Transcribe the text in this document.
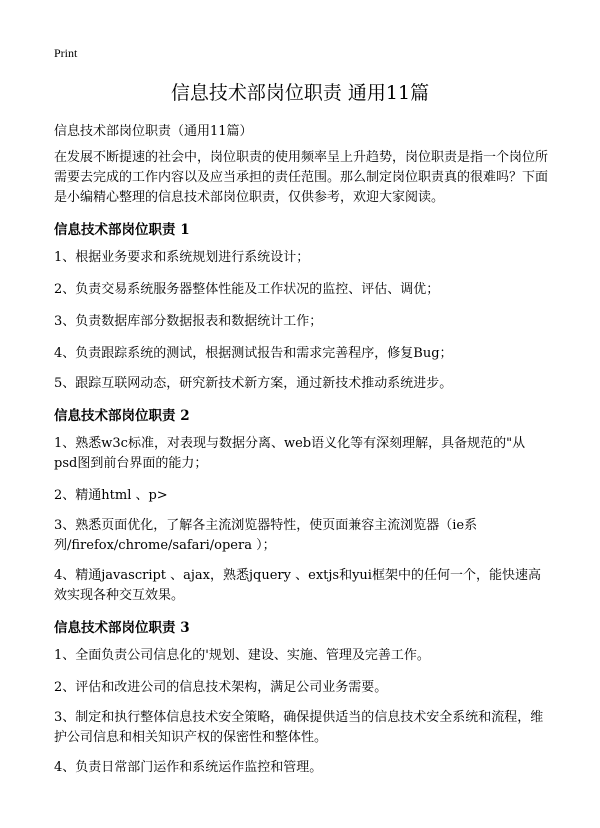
Print
信息技术部岗位职责 通用11篇
信息技术部岗位职责（通用11篇）

在发展不断提速的社会中，岗位职责的使用频率呈上升趋势，岗位职责是指一个岗位所需要去完成的工作内容以及应当承担的责任范围。那么制定岗位职责真的很难吗？下面是小编精心整理的信息技术部岗位职责，仅供参考，欢迎大家阅读。

信息技术部岗位职责 1

1、根据业务要求和系统规划进行系统设计；

2、负责交易系统服务器整体性能及工作状况的监控、评估、调优；

3、负责数据库部分数据报表和数据统计工作；

4、负责跟踪系统的测试，根据测试报告和需求完善程序，修复Bug；

5、跟踪互联网动态，研究新技术新方案，通过新技术推动系统进步。

信息技术部岗位职责 2

1、熟悉w3c标准，对表现与数据分离、web语义化等有深刻理解，具备规范的"从psd图到前台界面的能力；

2、精通html 、p>

3、熟悉页面优化，了解各主流浏览器特性，使页面兼容主流浏览器（ie系列/firefox/chrome/safari/opera ）；

4、精通javascript 、ajax，熟悉jquery 、extjs和yui框架中的任何一个，能快速高效实现各种交互效果。

信息技术部岗位职责 3

1、全面负责公司信息化的'规划、建设、实施、管理及完善工作。

2、评估和改进公司的信息技术架构，满足公司业务需要。

3、制定和执行整体信息技术安全策略，确保提供适当的信息技术安全系统和流程，维护公司信息和相关知识产权的保密性和整体性。

4、负责日常部门运作和系统运作监控和管理。
